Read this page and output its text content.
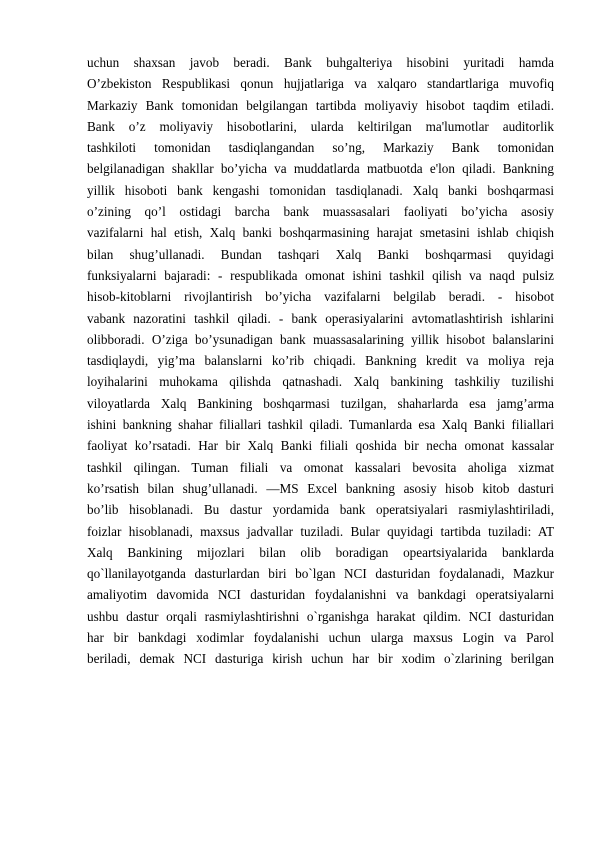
uchun shaxsan javob beradi. Bank buhgalteriya hisobini yuritadi hamda
O’zbekiston Respublikasi qonun hujjatlariga va xalqaro standartlariga muvofiq
Markaziy Bank tomonidan belgilangan tartibda moliyaviy hisobot taqdim etiladi.
Bank o’z moliyaviy hisobotlarini, ularda keltirilgan ma'lumotlar auditorlik
tashkiloti tomonidan tasdiqlangandan so’ng, Markaziy Bank tomonidan
belgilanadigan shakllar bo’yicha va muddatlarda matbuotda e'lon qiladi. Bankning
yillik hisoboti bank kengashi tomonidan tasdiqlanadi. Xalq banki boshqarmasi
o’zining qo’l ostidagi barcha bank muassasalari faoliyati bo’yicha asosiy
vazifalarni hal etish, Xalq banki boshqarmasining harajat smetasini ishlab chiqish
bilan shug’ullanadi. Bundan tashqari Xalq Banki boshqarmasi quyidagi
funksiyalarni bajaradi: - respublikada omonat ishini tashkil qilish va naqd pulsiz
hisob-kitoblarni rivojlantirish bo’yicha vazifalarni belgilab beradi. - hisobot
vabank nazoratini tashkil qiladi. - bank operasiyalarini avtomatlashtirish ishlarini
olibboradi. O’ziga bo’ysunadigan bank muassasalarining yillik hisobot balanslarini
tasdiqlaydi, yig’ma balanslarni ko’rib chiqadi. Bankning kredit va moliya reja
loyihalarini muhokama qilishda qatnashadi. Xalq bankining tashkiliy tuzilishi
viloyatlarda Xalq Bankining boshqarmasi tuzilgan, shaharlarda esa jamg’arma
ishini bankning shahar filiallari tashkil qiladi. Tumanlarda esa Xalq Banki filiallari
faoliyat ko’rsatadi. Har bir Xalq Banki filiali qoshida bir necha omonat kassalar
tashkil qilingan. Tuman filiali va omonat kassalari bevosita aholiga xizmat
ko’rsatish bilan shug’ullanadi. ―MS Excel bankning asosiy hisob kitob dasturi
bo’lib hisoblanadi. Bu dastur yordamida bank operatsiyalari rasmiylashtiriladi,
foizlar hisoblanadi, maxsus jadvallar tuziladi. Bular quyidagi tartibda tuziladi: AT
Xalq Bankining mijozlari bilan olib boradigan opeartsiyalarida banklarda
qo`llanilayotganda dasturlardan biri bo`lgan NCI dasturidan foydalanadi, Mazkur
amaliyotim davomida NCI dasturidan foydalanishni va bankdagi operatsiyalarni
ushbu dastur orqali rasmiylashtirishni o`rganishga harakat qildim. NCI dasturidan
har bir bankdagi xodimlar foydalanishi uchun ularga maxsus Login va Parol
beriladi, demak NCI dasturiga kirish uchun har bir xodim o`zlarining berilgan
